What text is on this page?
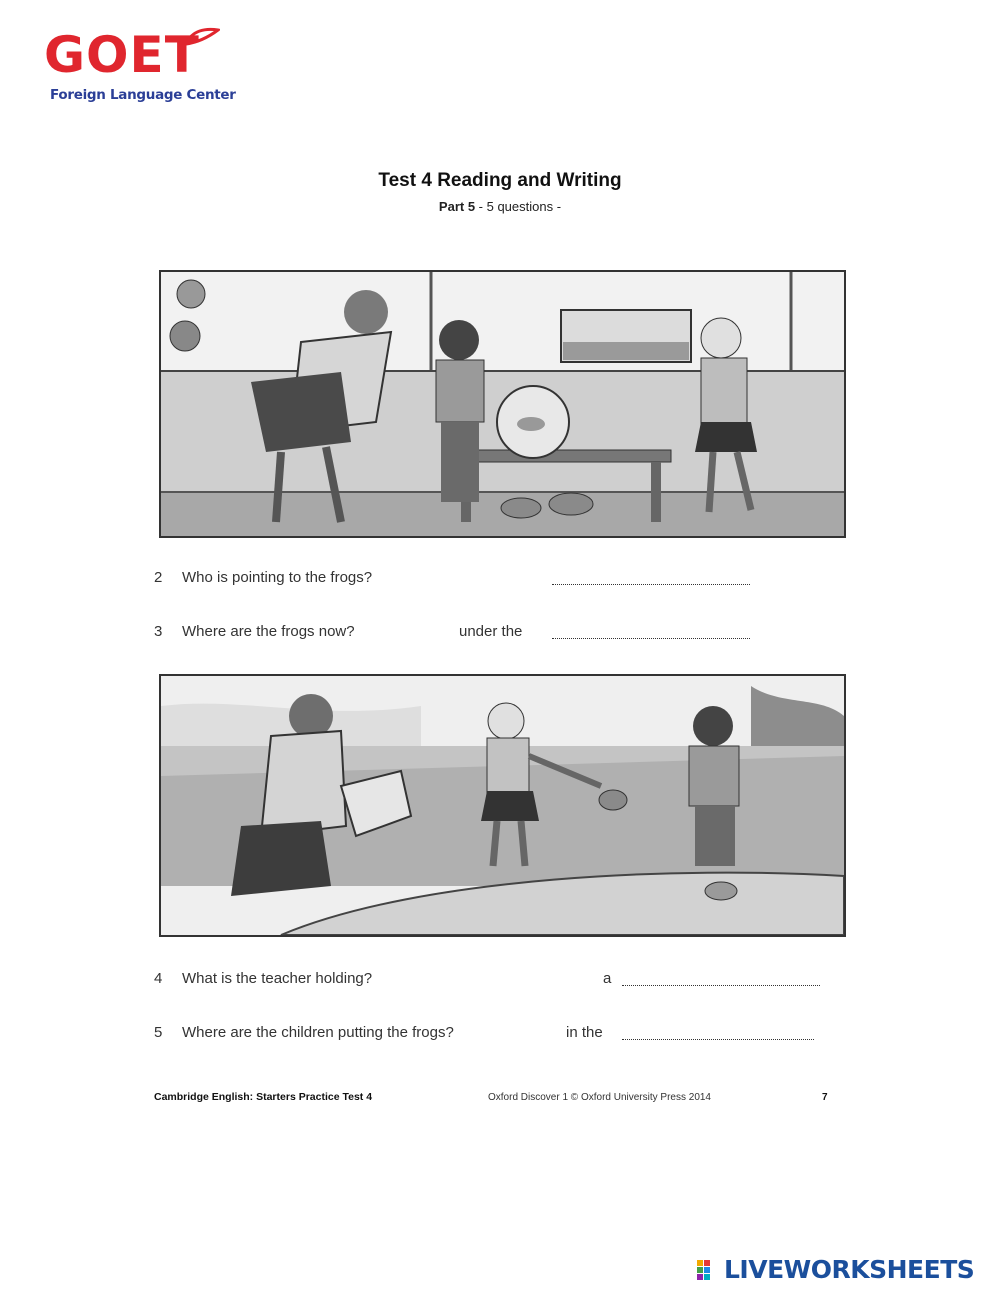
GOET
Foreign Language Center
Test 4 Reading and Writing
Part 5 - 5 questions -
2 Who is pointing to the frogs?
3 Where are the frogs now?	under the
4 What is the teacher holding?	a
5 Where are the children putting the frogs?	in the
Cambridge English: Starters Practice Test 4	Oxford Discover 1 © Oxford University Press 2014	7
LIVEWORKSHEETS
